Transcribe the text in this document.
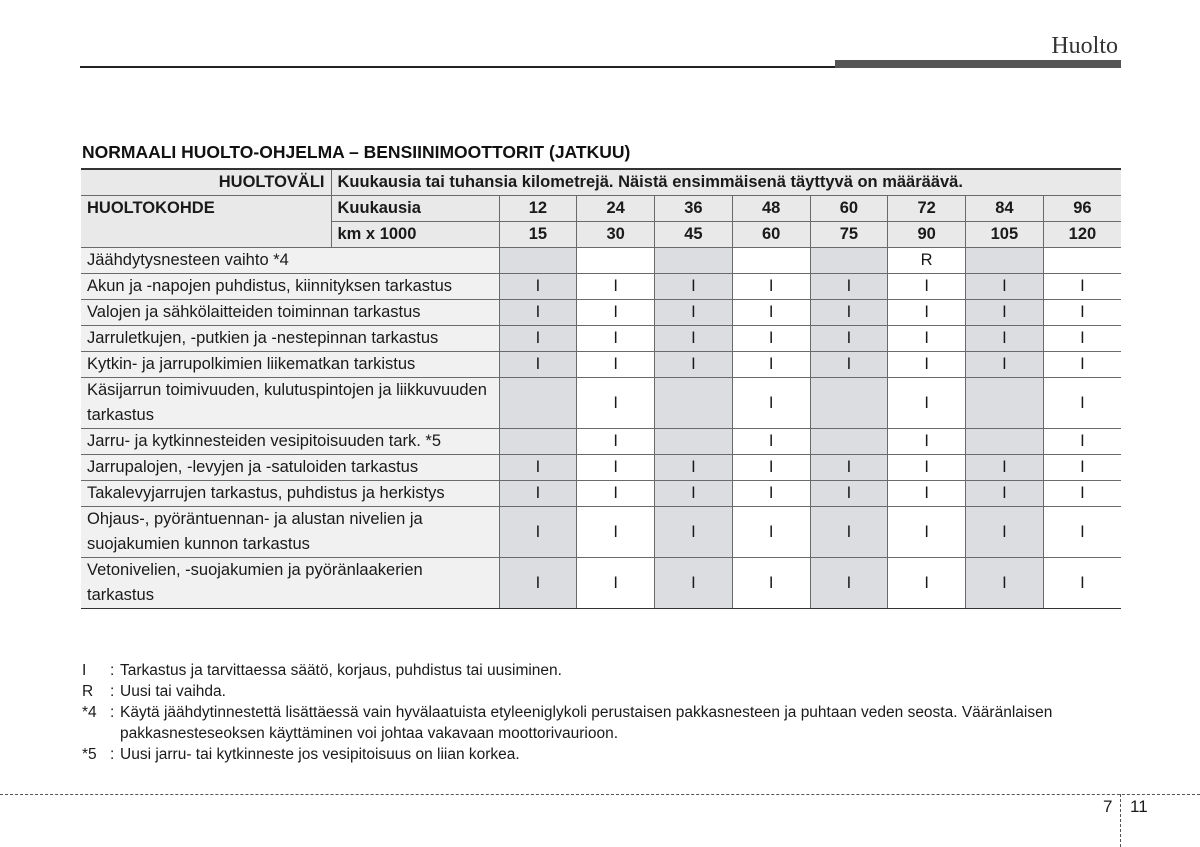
Huolto
NORMAALI HUOLTO-OHJELMA – BENSIINIMOOTTORIT (JATKUU)
HUOLTOVÄLI	Kuukausia tai tuhansia kilometrejä. Näistä ensimmäisenä täyttyvä on määräävä.								
HUOLTOKOHDE	Kuukausia	12	24	36	48	60	72	84	96
	km x 1000	15	30	45	60	75	90	105	120
Jäähdytysnesteen vaihto *4							R		
Akun ja -napojen puhdistus, kiinnityksen tarkastus		I	I	I	I	I	I	I	I
Valojen ja sähkölaitteiden toiminnan tarkastus		I	I	I	I	I	I	I	I
Jarruletkujen, -putkien ja -nestepinnan tarkastus		I	I	I	I	I	I	I	I
Kytkin- ja jarrupolkimien liikematkan tarkistus		I	I	I	I	I	I	I	I
Käsijarrun toimivuuden, kulutuspintojen ja liikkuvuuden tarkastus			I		I		I		I
Jarru- ja kytkinnesteiden vesipitoisuuden tark. *5			I		I		I		I
Jarrupalojen, -levyjen ja -satuloiden tarkastus		I	I	I	I	I	I	I	I
Takalevyjarrujen tarkastus, puhdistus ja herkistys		I	I	I	I	I	I	I	I
Ohjaus-, pyöräntuennan- ja alustan nivelien ja suojakumien kunnon tarkastus		I	I	I	I	I	I	I	I
Vetonivelien, -suojakumien ja pyöränlaakerien tarkastus		I	I	I	I	I	I	I	I
I	: Tarkastus ja tarvittaessa säätö, korjaus, puhdistus tai uusiminen.
R	: Uusi tai vaihda.
*4 : Käytä jäähdytinnestettä lisättäessä vain hyvälaatuista etyleeniglykoli perustaisen pakkasnesteen ja puhtaan veden seosta. Vääränlaisen pakkasnesteseoksen käyttäminen voi johtaa vakavaan moottorivaurioon.
*5 : Uusi jarru- tai kytkinneste jos vesipitoisuus on liian korkea.
7 11
